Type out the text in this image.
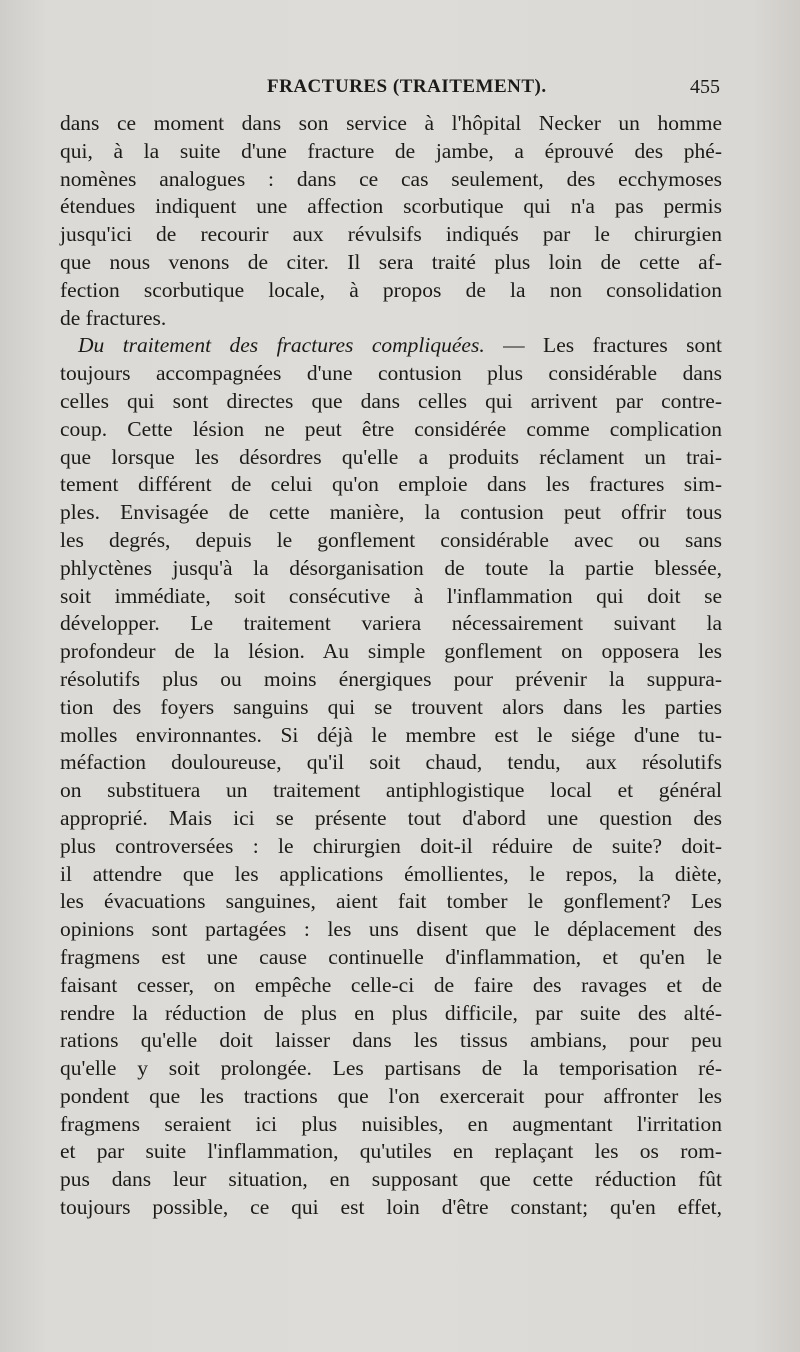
FRACTURES (TRAITEMENT).	455
dans ce moment dans son service à l'hôpital Necker un homme
qui, à la suite d'une fracture de jambe, a éprouvé des phé-
nomènes analogues : dans ce cas seulement, des ecchymoses
étendues indiquent une affection scorbutique qui n'a pas permis
jusqu'ici de recourir aux révulsifs indiqués par le chirurgien
que nous venons de citer. Il sera traité plus loin de cette af-
fection scorbutique locale, à propos de la non consolidation
de fractures.
Du traitement des fractures compliquées. — Les fractures sont
toujours accompagnées d'une contusion plus considérable dans
celles qui sont directes que dans celles qui arrivent par contre-
coup. Cette lésion ne peut être considérée comme complication
que lorsque les désordres qu'elle a produits réclament un trai-
tement différent de celui qu'on emploie dans les fractures sim-
ples. Envisagée de cette manière, la contusion peut offrir tous
les degrés, depuis le gonflement considérable avec ou sans
phlyctènes jusqu'à la désorganisation de toute la partie blessée,
soit immédiate, soit consécutive à l'inflammation qui doit se
développer. Le traitement variera nécessairement suivant la
profondeur de la lésion. Au simple gonflement on opposera les
résolutifs plus ou moins énergiques pour prévenir la suppura-
tion des foyers sanguins qui se trouvent alors dans les parties
molles environnantes. Si déjà le membre est le siége d'une tu-
méfaction douloureuse, qu'il soit chaud, tendu, aux résolutifs
on substituera un traitement antiphlogistique local et général
approprié. Mais ici se présente tout d'abord une question des
plus controversées : le chirurgien doit-il réduire de suite? doit-
il attendre que les applications émollientes, le repos, la diète,
les évacuations sanguines, aient fait tomber le gonflement? Les
opinions sont partagées : les uns disent que le déplacement des
fragmens est une cause continuelle d'inflammation, et qu'en le
faisant cesser, on empêche celle-ci de faire des ravages et de
rendre la réduction de plus en plus difficile, par suite des alté-
rations qu'elle doit laisser dans les tissus ambians, pour peu
qu'elle y soit prolongée. Les partisans de la temporisation ré-
pondent que les tractions que l'on exercerait pour affronter les
fragmens seraient ici plus nuisibles, en augmentant l'irritation
et par suite l'inflammation, qu'utiles en replaçant les os rom-
pus dans leur situation, en supposant que cette réduction fût
toujours possible, ce qui est loin d'être constant; qu'en effet,
